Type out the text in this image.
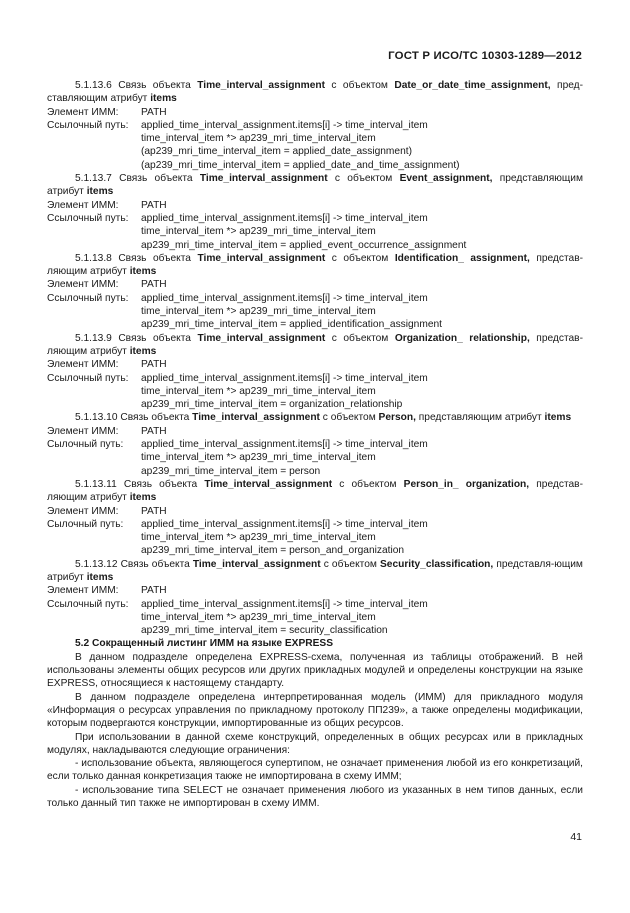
ГОСТ Р ИСО/ТС 10303-1289—2012

5.1.13.6 Связь объекта Time_interval_assignment с объектом Date_or_date_time_assignment, пред-ставляющим атрибут items

Элемент ИММ:	PATH
Ссылочный путь:	applied_time_interval_assignment.items[i] -> time_interval_item
time_interval_item *> ap239_mri_time_interval_item
(ap239_mri_time_interval_item = applied_date_assignment)
(ap239_mri_time_interval_item = applied_date_and_time_assignment)

5.1.13.7 Связь объекта Time_interval_assignment с объектом Event_assignment, представляющим атрибут items

Элемент ИММ:	PATH
Ссылочный путь:	applied_time_interval_assignment.items[i] -> time_interval_item
time_interval_item *> ap239_mri_time_interval_item
ap239_mri_time_interval_item = applied_event_occurrence_assignment

5.1.13.8 Связь объекта Time_interval_assignment с объектом Identification_ assignment, представ-ляющим атрибут items

Элемент ИММ:	PATH
Ссылочный путь:	applied_time_interval_assignment.items[i] -> time_interval_item
time_interval_item *> ap239_mri_time_interval_item
ap239_mri_time_interval_item = applied_identification_assignment

5.1.13.9 Связь объекта Time_interval_assignment с объектом Organization_ relationship, представ-ляющим атрибут items

Элемент ИММ:	PATH
Ссылочный путь:	applied_time_interval_assignment.items[i] -> time_interval_item
time_interval_item *> ap239_mri_time_interval_item
ap239_mri_time_interval_item = organization_relationship

5.1.13.10 Связь объекта Time_interval_assignment с объектом Person, представляющим атрибут items

Элемент ИММ:	PATH
Сылочный путь:	applied_time_interval_assignment.items[i] -> time_interval_item
time_interval_item *> ap239_mri_time_interval_item
ap239_mri_time_interval_item = person

5.1.13.11 Связь объекта Time_interval_assignment с объектом Person_in_ organization, представ-ляющим атрибут items

Элемент ИММ:	PATH
Сылочный путь:	applied_time_interval_assignment.items[i] -> time_interval_item
time_interval_item *> ap239_mri_time_interval_item
ap239_mri_time_interval_item = person_and_organization

5.1.13.12 Связь объекта Time_interval_assignment с объектом Security_classification, представля-ющим атрибут items

Элемент ИММ:	PATH
Ссылочный путь:	applied_time_interval_assignment.items[i] -> time_interval_item
time_interval_item *> ap239_mri_time_interval_item
ap239_mri_time_interval_item = security_classification

5.2 Сокращенный листинг ИММ на языке EXPRESS

В данном подразделе определена EXPRESS-схема, полученная из таблицы отображений. В ней использованы элементы общих ресурсов или других прикладных модулей и определены конструкции на языке EXPRESS, относящиеся к настоящему стандарту.

В данном подразделе определена интерпретированная модель (ИММ) для прикладного модуля «Информация о ресурсах управления по прикладному протоколу ПП239», а также определены модификации, которым подвергаются конструкции, импортированные из общих ресурсов.

При использовании в данной схеме конструкций, определенных в общих ресурсах или в прикладных модулях, накладываются следующие ограничения:

- использование объекта, являющегося супертипом, не означает применения любой из его конкретизаций, если только данная конкретизация также не импортирована в схему ИММ;

- использование типа SELECT не означает применения любого из указанных в нем типов данных, если только данный тип также не импортирован в схему ИММ.

41
